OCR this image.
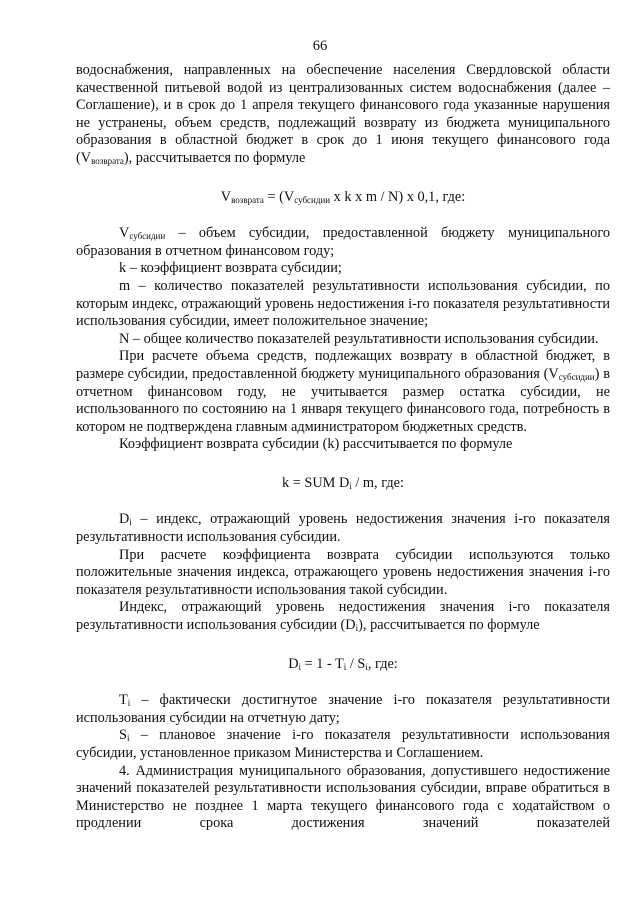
66

водоснабжения, направленных на обеспечение населения Свердловской области качественной питьевой водой из централизованных систем водоснабжения (далее – Соглашение), и в срок до 1 апреля текущего финансового года указанные нарушения не устранены, объем средств, подлежащий возврату из бюджета муниципального образования в областной бюджет в срок до 1 июня текущего финансового года $(V_{возврата})$, рассчитывается по формуле

$V_{возврата} = (V_{субсидии}$ x k x m / N) x 0,1, где:

$V_{субсидии}$ – объем субсидии, предоставленной бюджету муниципального образования в отчетном финансовом году;

k – коэффициент возврата субсидии;

m – количество показателей результативности использования субсидии, по которым индекс, отражающий уровень недостижения i-го показателя результативности использования субсидии, имеет положительное значение;

N – общее количество показателей результативности использования субсидии.

При расчете объема средств, подлежащих возврату в областной бюджет, в размере субсидии, предоставленной бюджету муниципального образования $(V_{субсидии})$ в отчетном финансовом году, не учитывается размер остатка субсидии, не использованного по состоянию на 1 января текущего финансового года, потребность в котором не подтверждена главным администратором бюджетных средств.

Коэффициент возврата субсидии (k) рассчитывается по формуле

k = SUM $D_i$ / m, где:

$D_i$ – индекс, отражающий уровень недостижения значения i-го показателя результативности использования субсидии.

При расчете коэффициента возврата субсидии используются только положительные значения индекса, отражающего уровень недостижения значения i-го показателя результативности использования такой субсидии.

Индекс, отражающий уровень недостижения значения i-го показателя результативности использования субсидии $(D_i)$, рассчитывается по формуле

$D_i = 1 - T_i / S_i$, где:

$T_i$ – фактически достигнутое значение i-го показателя результативности использования субсидии на отчетную дату;

$S_i$ – плановое значение i-го показателя результативности использования субсидии, установленное приказом Министерства и Соглашением.

4. Администрация муниципального образования, допустившего недостижение значений показателей результативности использования субсидии, вправе обратиться в Министерство не позднее 1 марта текущего финансового года с ходатайством о продлении срока достижения значений показателей
